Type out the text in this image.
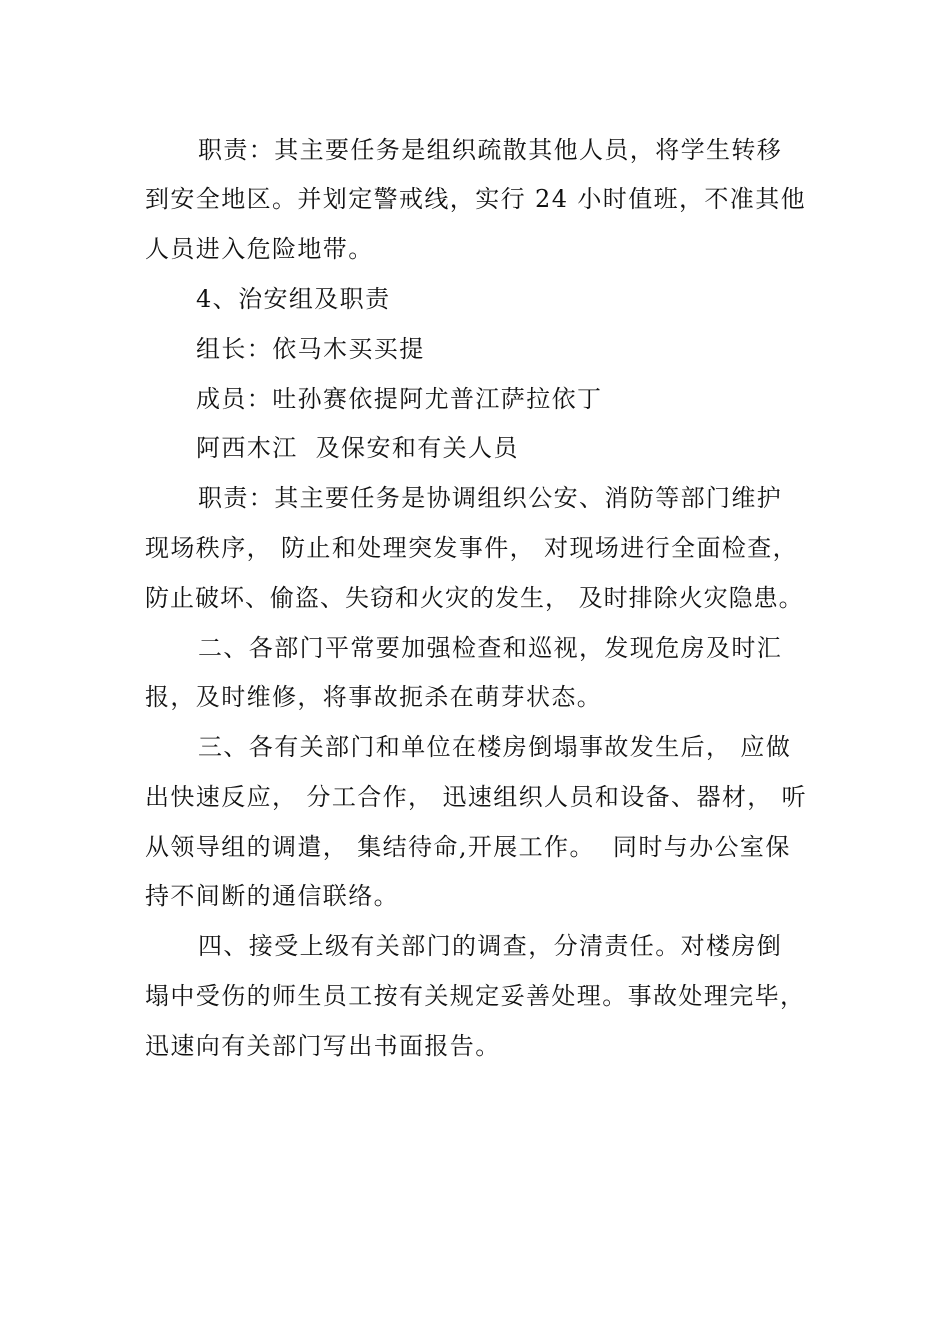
职责：其主要任务是组织疏散其他人员，将学生转移
到安全地区。并划定警戒线，实行 24 小时值班，不准其他
人员进入危险地带。
4、治安组及职责
组长：依马木买买提
成员：吐孙赛依提阿尤普江萨拉依丁
阿西木江  及保安和有关人员
职责：其主要任务是协调组织公安、消防等部门维护
现场秩序， 防止和处理突发事件， 对现场进行全面检查，
防止破坏、偷盗、失窃和火灾的发生， 及时排除火灾隐患。
二、各部门平常要加强检查和巡视，发现危房及时汇
报，及时维修，将事故扼杀在萌芽状态。
三、各有关部门和单位在楼房倒塌事故发生后， 应做
出快速反应， 分工合作， 迅速组织人员和设备、器材， 听
从领导组的调遣， 集结待命,开展工作。  同时与办公室保
持不间断的通信联络。
四、接受上级有关部门的调查，分清责任。对楼房倒
塌中受伤的师生员工按有关规定妥善处理。事故处理完毕，
迅速向有关部门写出书面报告。
